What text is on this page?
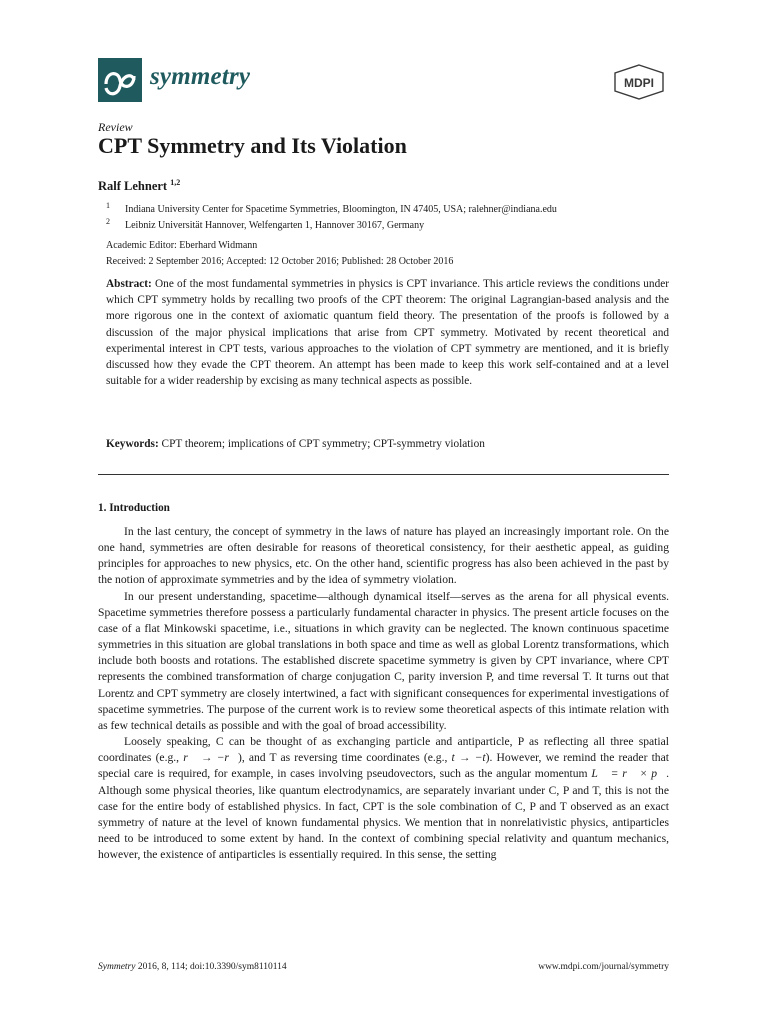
symmetry	MDPI
Review
CPT Symmetry and Its Violation
Ralf Lehnert $^{1,2}$
1 Indiana University Center for Spacetime Symmetries, Bloomington, IN 47405, USA; ralehner@indiana.edu
2 Leibniz Universität Hannover, Welfengarten 1, Hannover 30167, Germany
Academic Editor: Eberhard Widmann
Received: 2 September 2016; Accepted: 12 October 2016; Published: 28 October 2016
Abstract: One of the most fundamental symmetries in physics is CPT invariance. This article reviews the conditions under which CPT symmetry holds by recalling two proofs of the CPT theorem: The original Lagrangian-based analysis and the more rigorous one in the context of axiomatic quantum field theory. The presentation of the proofs is followed by a discussion of the major physical implications that arise from CPT symmetry. Motivated by recent theoretical and experimental interest in CPT tests, various approaches to the violation of CPT symmetry are mentioned, and it is briefly discussed how they evade the CPT theorem. An attempt has been made to keep this work self-contained and at a level suitable for a wider readership by excising as many technical aspects as possible.
Keywords: CPT theorem; implications of CPT symmetry; CPT-symmetry violation
1. Introduction

In the last century, the concept of symmetry in the laws of nature has played an increasingly important role. On the one hand, symmetries are often desirable for reasons of theoretical consistency, for their aesthetic appeal, as guiding principles for approaches to new physics, etc. On the other hand, scientific progress has also been achieved in the past by the notion of approximate symmetries and by the idea of symmetry violation.

In our present understanding, spacetime—although dynamical itself—serves as the arena for all physical events. Spacetime symmetries therefore possess a particularly fundamental character in physics. The present article focuses on the case of a flat Minkowski spacetime, i.e., situations in which gravity can be neglected. The known continuous spacetime symmetries in this situation are global translations in both space and time as well as global Lorentz transformations, which include both boosts and rotations. The established discrete spacetime symmetry is given by CPT invariance, where CPT represents the combined transformation of charge conjugation C, parity inversion P, and time reversal T. It turns out that Lorentz and CPT symmetry are closely intertwined, a fact with significant consequences for experimental investigations of spacetime symmetries. The purpose of the current work is to review some theoretical aspects of this intimate relation with as few technical details as possible and with the goal of broad accessibility.

Loosely speaking, C can be thought of as exchanging particle and antiparticle, P as reflecting all three spatial coordinates (e.g., r⃗ → −r⃗), and T as reversing time coordinates (e.g., t → −t). However, we remind the reader that special care is required, for example, in cases involving pseudovectors, such as the angular momentum L⃗ = r⃗ × p⃗. Although some physical theories, like quantum electrodynamics, are separately invariant under C, P and T, this is not the case for the entire body of established physics. In fact, CPT is the sole combination of C, P and T observed as an exact symmetry of nature at the level of known fundamental physics. We mention that in nonrelativistic physics, antiparticles need to be introduced to some extent by hand. In the context of combining special relativity and quantum mechanics, however, the existence of antiparticles is essentially required. In this sense, the setting

Symmetry 2016, 8, 114; doi:10.3390/sym8110114	www.mdpi.com/journal/symmetry
